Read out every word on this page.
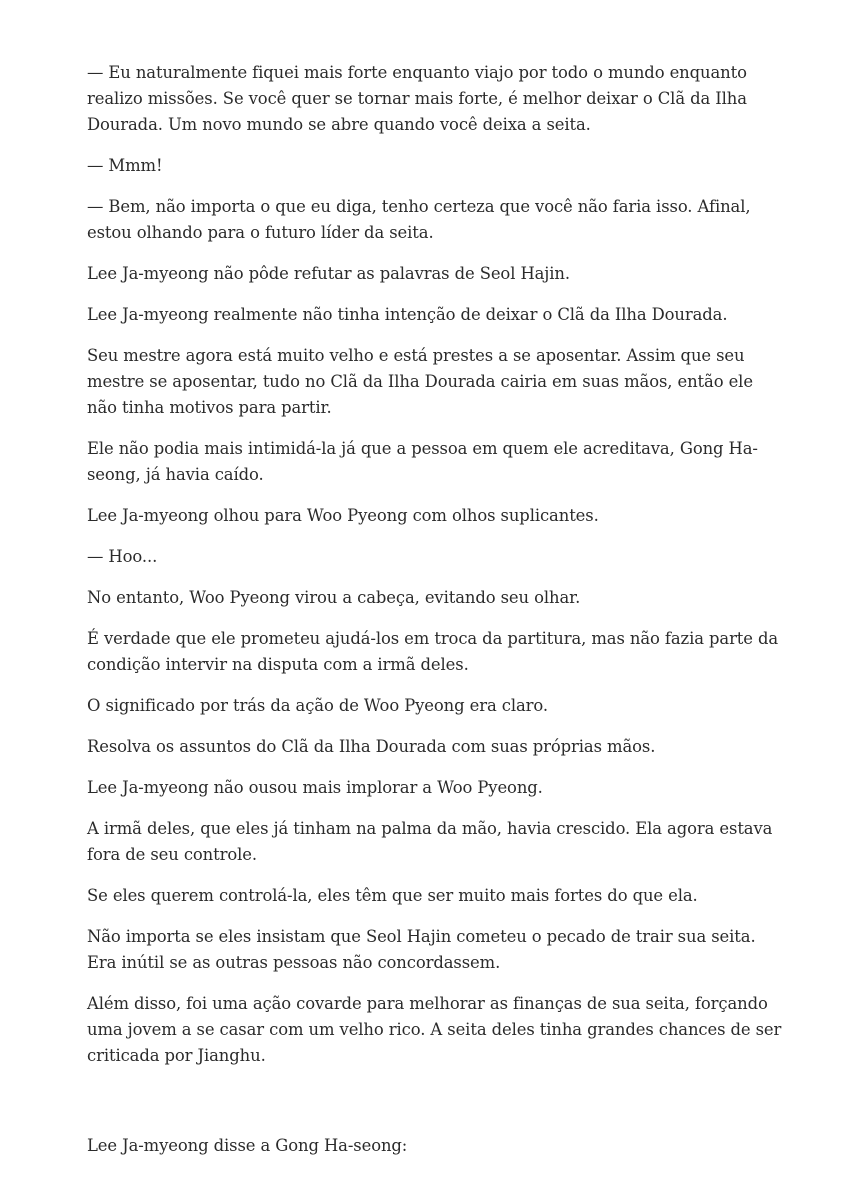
— Eu naturalmente fiquei mais forte enquanto viajo por todo o mundo enquanto realizo missões. Se você quer se tornar mais forte, é melhor deixar o Clã da Ilha Dourada. Um novo mundo se abre quando você deixa a seita.

— Mmm!

— Bem, não importa o que eu diga, tenho certeza que você não faria isso. Afinal, estou olhando para o futuro líder da seita.

Lee Ja-myeong não pôde refutar as palavras de Seol Hajin.

Lee Ja-myeong realmente não tinha intenção de deixar o Clã da Ilha Dourada.

Seu mestre agora está muito velho e está prestes a se aposentar. Assim que seu mestre se aposentar, tudo no Clã da Ilha Dourada cairia em suas mãos, então ele não tinha motivos para partir.

Ele não podia mais intimidá-la já que a pessoa em quem ele acreditava, Gong Ha-seong, já havia caído.

Lee Ja-myeong olhou para Woo Pyeong com olhos suplicantes.

— Hoo...

No entanto, Woo Pyeong virou a cabeça, evitando seu olhar.

É verdade que ele prometeu ajudá-los em troca da partitura, mas não fazia parte da condição intervir na disputa com a irmã deles.

O significado por trás da ação de Woo Pyeong era claro.

Resolva os assuntos do Clã da Ilha Dourada com suas próprias mãos.

Lee Ja-myeong não ousou mais implorar a Woo Pyeong.

A irmã deles, que eles já tinham na palma da mão, havia crescido. Ela agora estava fora de seu controle.

Se eles querem controlá-la, eles têm que ser muito mais fortes do que ela.

Não importa se eles insistam que Seol Hajin cometeu o pecado de trair sua seita. Era inútil se as outras pessoas não concordassem.

Além disso, foi uma ação covarde para melhorar as finanças de sua seita, forçando uma jovem a se casar com um velho rico. A seita deles tinha grandes chances de ser criticada por Jianghu.

Lee Ja-myeong disse a Gong Ha-seong:
